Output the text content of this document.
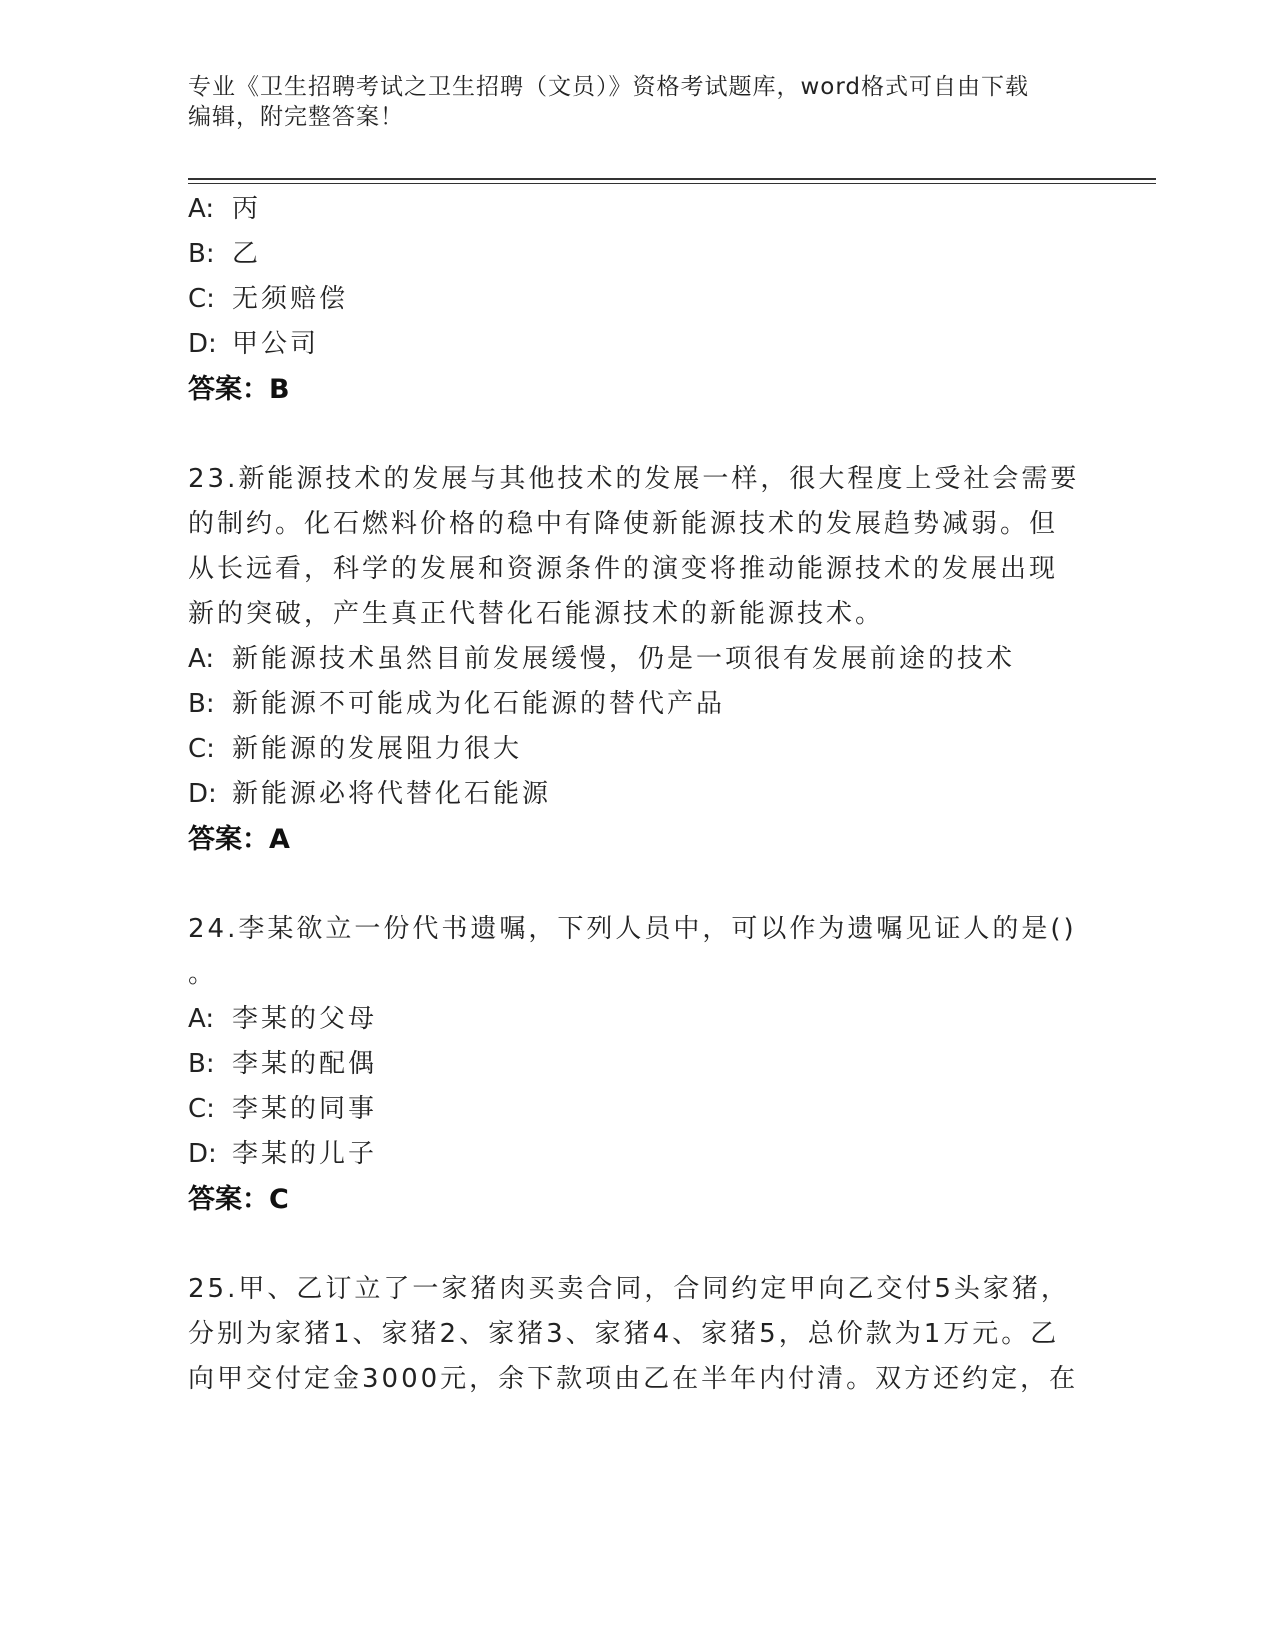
专业《卫生招聘考试之卫生招聘（文员）》资格考试题库，word格式可自由下载
编辑，附完整答案！
A: 丙
B: 乙
C: 无须赔偿
D: 甲公司
答案：B
23.新能源技术的发展与其他技术的发展一样，很大程度上受社会需要
的制约。化石燃料价格的稳中有降使新能源技术的发展趋势减弱。但
从长远看，科学的发展和资源条件的演变将推动能源技术的发展出现
新的突破，产生真正代替化石能源技术的新能源技术。
A: 新能源技术虽然目前发展缓慢，仍是一项很有发展前途的技术
B: 新能源不可能成为化石能源的替代产品
C: 新能源的发展阻力很大
D: 新能源必将代替化石能源
答案：A
24.李某欲立一份代书遗嘱，下列人员中，可以作为遗嘱见证人的是()
。
A: 李某的父母
B: 李某的配偶
C: 李某的同事
D: 李某的儿子
答案：C
25.甲、乙订立了一家猪肉买卖合同，合同约定甲向乙交付5头家猪，
分别为家猪1、家猪2、家猪3、家猪4、家猪5，总价款为1万元。乙
向甲交付定金3000元，余下款项由乙在半年内付清。双方还约定，在
